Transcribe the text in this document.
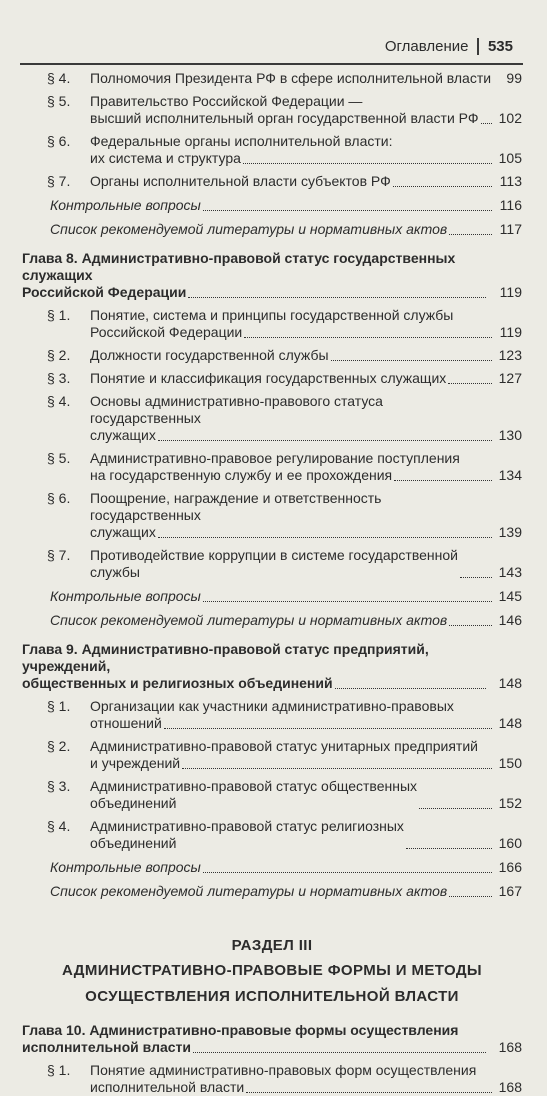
Оглавление 535
§ 4. Полномочия Президента РФ в сфере исполнительной власти 99
§ 5. Правительство Российской Федерации —
высший исполнительный орган государственной власти РФ	102
§ 6. Федеральные органы исполнительной власти:
их система и структура	105
§ 7. Органы исполнительной власти субъектов РФ	113
Контрольные вопросы	116
Список рекомендуемой литературы и нормативных актов	117
Глава 8. Административно-правовой статус государственных служащих
Российской Федерации	119
§ 1. Понятие, система и принципы государственной службы
Российской Федерации	119
§ 2. Должности государственной службы	123
§ 3. Понятие и классификация государственных служащих	127
§ 4. Основы административно-правового статуса государственных
служащих	130
§ 5. Административно-правовое регулирование поступления
на государственную службу и ее прохождения	134
§ 6. Поощрение, награждение и ответственность государственных
служащих	139
§ 7. Противодействие коррупции в системе государственной службы	143
Контрольные вопросы	145
Список рекомендуемой литературы и нормативных актов	146
Глава 9. Административно-правовой статус предприятий, учреждений,
общественных и религиозных объединений	148
§ 1. Организации как участники административно-правовых
отношений	148
§ 2. Административно-правовой статус унитарных предприятий
и учреждений	150
§ 3. Административно-правовой статус общественных объединений	152
§ 4. Административно-правовой статус религиозных объединений	160
Контрольные вопросы	166
Список рекомендуемой литературы и нормативных актов	167
РАЗДЕЛ III
АДМИНИСТРАТИВНО-ПРАВОВЫЕ ФОРМЫ И МЕТОДЫ
ОСУЩЕСТВЛЕНИЯ ИСПОЛНИТЕЛЬНОЙ ВЛАСТИ
Глава 10. Административно-правовые формы осуществления
исполнительной власти	168
§ 1. Понятие административно-правовых форм осуществления
исполнительной власти	168
